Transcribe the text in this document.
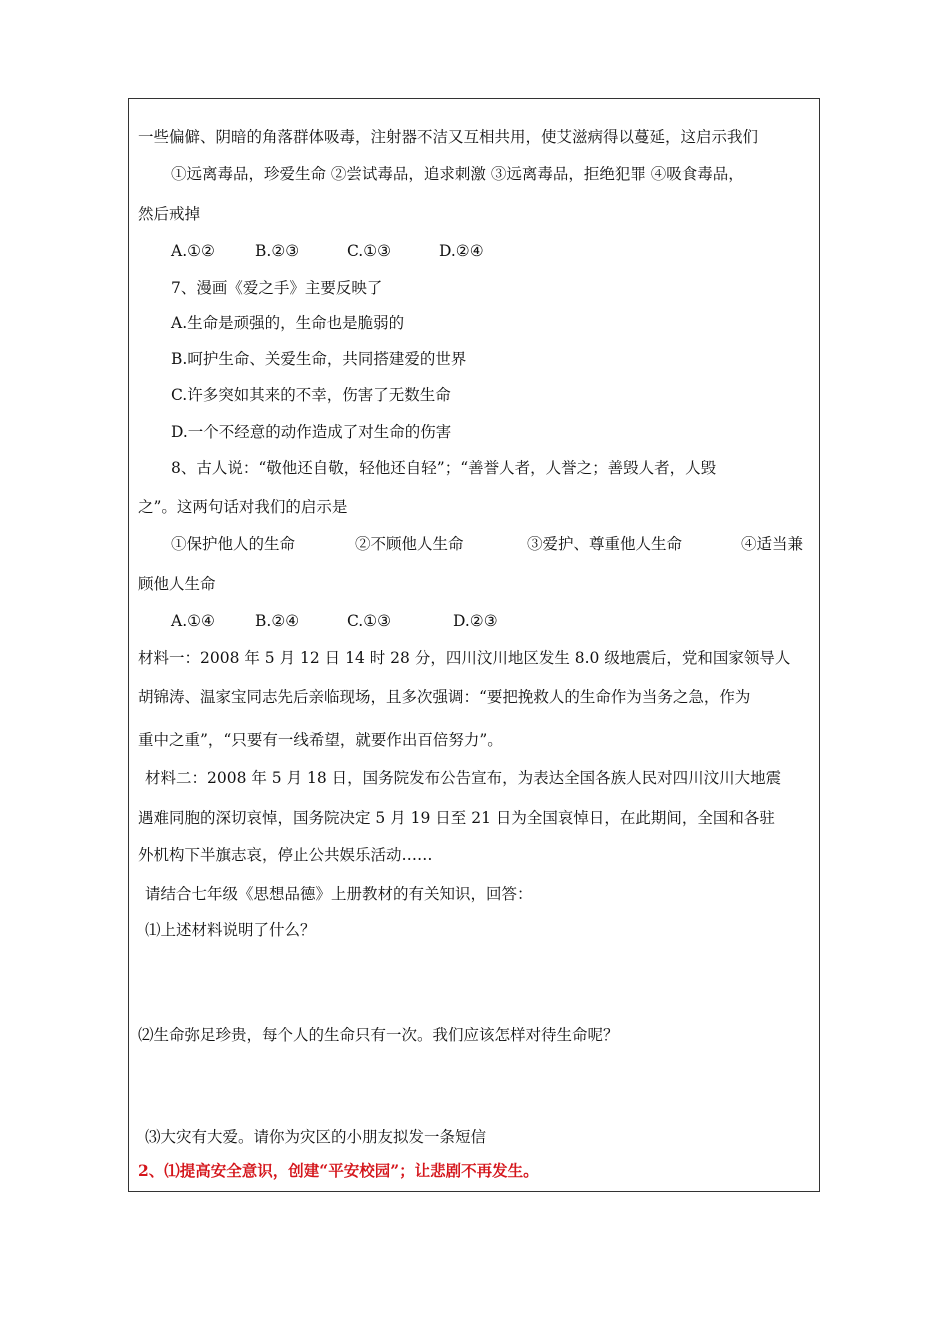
一些偏僻、阴暗的角落群体吸毒，注射器不洁又互相共用，使艾滋病得以蔓延，这启示我们
①远离毒品，珍爱生命 ②尝试毒品，追求刺激 ③远离毒品，拒绝犯罪 ④吸食毒品，
然后戒掉
A.①②	B.②③	C.①③	D.②④
7、漫画《爱之手》主要反映了
A.生命是顽强的，生命也是脆弱的
B.呵护生命、关爱生命，共同搭建爱的世界
C.许多突如其来的不幸，伤害了无数生命
D.一个不经意的动作造成了对生命的伤害
8、古人说：“敬他还自敬，轻他还自轻”；“善誉人者，人誉之；善毁人者，人毁
之”。这两句话对我们的启示是
①保护他人的生命	②不顾他人生命	③爱护、尊重他人生命	④适当兼
顾他人生命
A.①④	B.②④	C.①③	D.②③
材料一：2008 年 5 月 12 日 14 时 28 分，四川汶川地区发生 8.0 级地震后，党和国家领导人
胡锦涛、温家宝同志先后亲临现场，且多次强调：“要把挽救人的生命作为当务之急，作为
重中之重”，“只要有一线希望，就要作出百倍努力”。
材料二：2008 年 5 月 18 日，国务院发布公告宣布，为表达全国各族人民对四川汶川大地震
遇难同胞的深切哀悼，国务院决定 5 月 19 日至 21 日为全国哀悼日，在此期间，全国和各驻
外机构下半旗志哀，停止公共娱乐活动……
请结合七年级《思想品德》上册教材的有关知识，回答：
⑴上述材料说明了什么？
⑵生命弥足珍贵，每个人的生命只有一次。我们应该怎样对待生命呢？
⑶大灾有大爱。请你为灾区的小朋友拟发一条短信
2、⑴提高安全意识，创建“平安校园”；让悲剧不再发生。
